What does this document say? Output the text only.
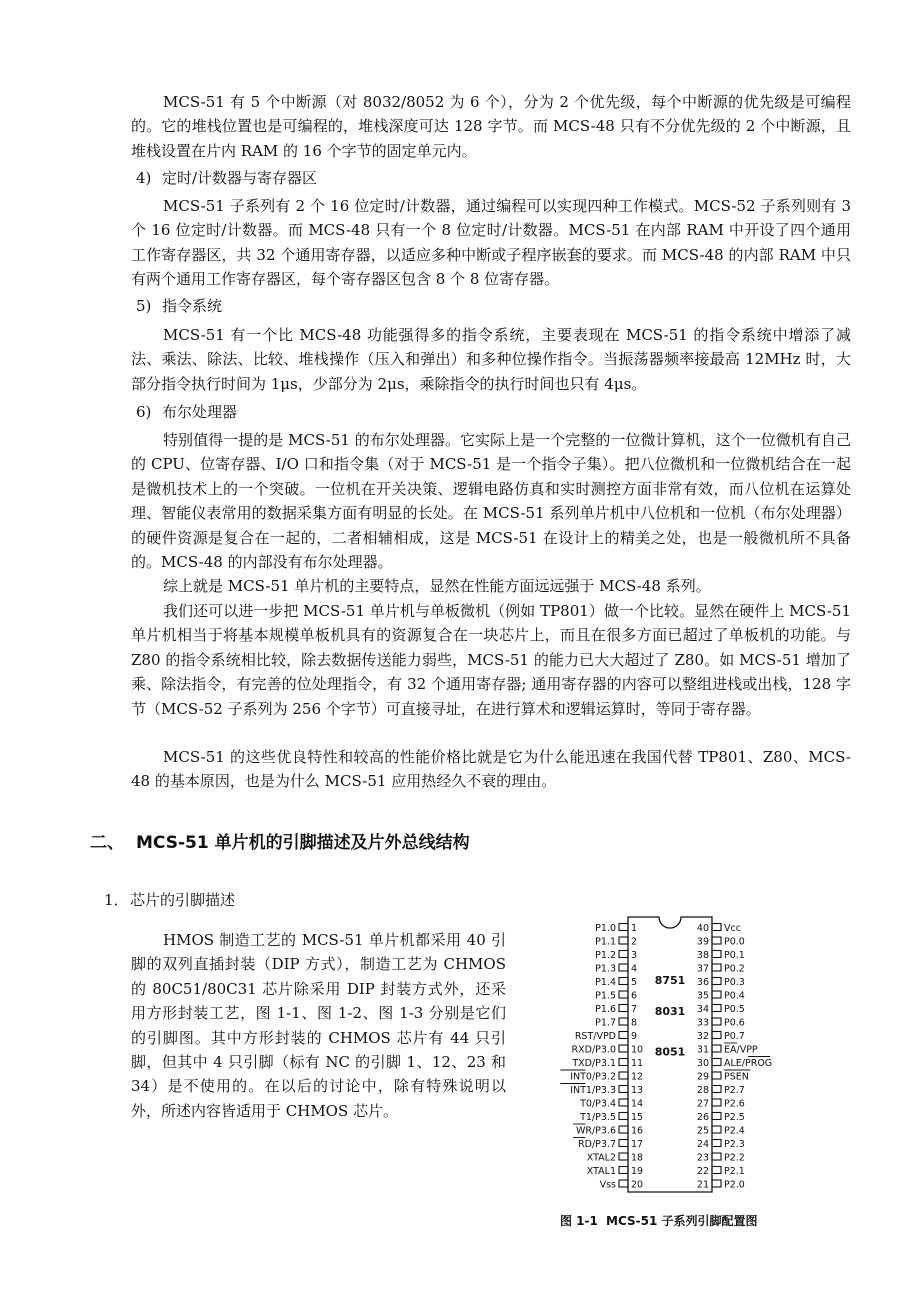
MCS-51 有 5 个中断源（对 8032/8052 为 6 个），分为 2 个优先级，每个中断源的优先级是可编程的。它的堆栈位置也是可编程的，堆栈深度可达 128 字节。而 MCS-48 只有不分优先级的 2 个中断源，且堆栈设置在片内 RAM 的 16 个字节的固定单元内。

4) 定时/计数器与寄存器区

MCS-51 子系列有 2 个 16 位定时/计数器，通过编程可以实现四种工作模式。MCS-52 子系列则有 3 个 16 位定时/计数器。而 MCS-48 只有一个 8 位定时/计数器。MCS-51 在内部 RAM 中开设了四个通用工作寄存器区，共 32 个通用寄存器，以适应多种中断或子程序嵌套的要求。而 MCS-48 的内部 RAM 中只有两个通用工作寄存器区，每个寄存器区包含 8 个 8 位寄存器。

5) 指令系统

MCS-51 有一个比 MCS-48 功能强得多的指令系统，主要表现在 MCS-51 的指令系统中增添了减法、乘法、除法、比较、堆栈操作（压入和弹出）和多种位操作指令。当振荡器频率接最高 12MHz 时，大部分指令执行时间为 1μs，少部分为 2μs，乘除指令的执行时间也只有 4μs。

6) 布尔处理器

特别值得一提的是 MCS-51 的布尔处理器。它实际上是一个完整的一位微计算机，这个一位微机有自己的 CPU、位寄存器、I/O 口和指令集（对于 MCS-51 是一个指令子集）。把八位微机和一位微机结合在一起是微机技术上的一个突破。一位机在开关决策、逻辑电路仿真和实时测控方面非常有效，而八位机在运算处理、智能仪表常用的数据采集方面有明显的长处。在 MCS-51 系列单片机中八位机和一位机（布尔处理器）的硬件资源是复合在一起的，二者相辅相成，这是 MCS-51 在设计上的精美之处，也是一般微机所不具备的。MCS-48 的内部没有布尔处理器。

综上就是 MCS-51 单片机的主要特点，显然在性能方面远远强于 MCS-48 系列。

我们还可以进一步把 MCS-51 单片机与单板微机（例如 TP801）做一个比较。显然在硬件上 MCS-51 单片机相当于将基本规模单板机具有的资源复合在一块芯片上，而且在很多方面已超过了单板机的功能。与 Z80 的指令系统相比较，除去数据传送能力弱些，MCS-51 的能力已大大超过了 Z80。如 MCS-51 增加了乘、除法指令，有完善的位处理指令，有 32 个通用寄存器; 通用寄存器的内容可以整组进栈或出栈，128 字节（MCS-52 子系列为 256 个字节）可直接寻址，在进行算术和逻辑运算时，等同于寄存器。

MCS-51 的这些优良特性和较高的性能价格比就是它为什么能迅速在我国代替 TP801、Z80、MCS-48 的基本原因，也是为什么 MCS-51 应用热经久不衰的理由。

二、 MCS-51 单片机的引脚描述及片外总线结构

1．芯片的引脚描述

HMOS 制造工艺的 MCS-51 单片机都采用 40 引脚的双列直插封装（DIP 方式），制造工艺为 CHMOS 的 80C51/80C31 芯片除采用 DIP 封装方式外，还采用方形封装工艺，图 1-1、图 1-2、图 1-3 分别是它们的引脚图。其中方形封装的 CHMOS 芯片有 44 只引脚，但其中 4 只引脚（标有 NC 的引脚 1、12、23 和 34）是不使用的。在以后的讨论中，除有特殊说明以外，所述内容皆适用于 CHMOS 芯片。

1
P1.0
2
P1.1
3
P1.2
4
P1.3
5
P1.4
6
P1.5
7
P1.6
8
P1.7
9
RST/VPD
10
RXD/P3.0
11
TXD/P3.1
12
INT0/P3.2
13
INT1/P3.3
14
T0/P3.4
15
T1/P3.5
16
WR/P3.6
17
RD/P3.7
18
XTAL2
19
XTAL1
20
Vss
40 Vcc
39 P0.0
38 P0.1
37 P0.2
36 P0.3
35 P0.4
34 P0.5
33 P0.6
32 P0.7
31 EA/VPP
30 ALE/PROG
29 PSEN
28 P2.7
27 P2.6
26 P2.5
25 P2.4
24 P2.3
23 P2.2
22 P2.1
21 P2.0
8751
8031
8051

图 1-1 MCS-51 子系列引脚配置图
